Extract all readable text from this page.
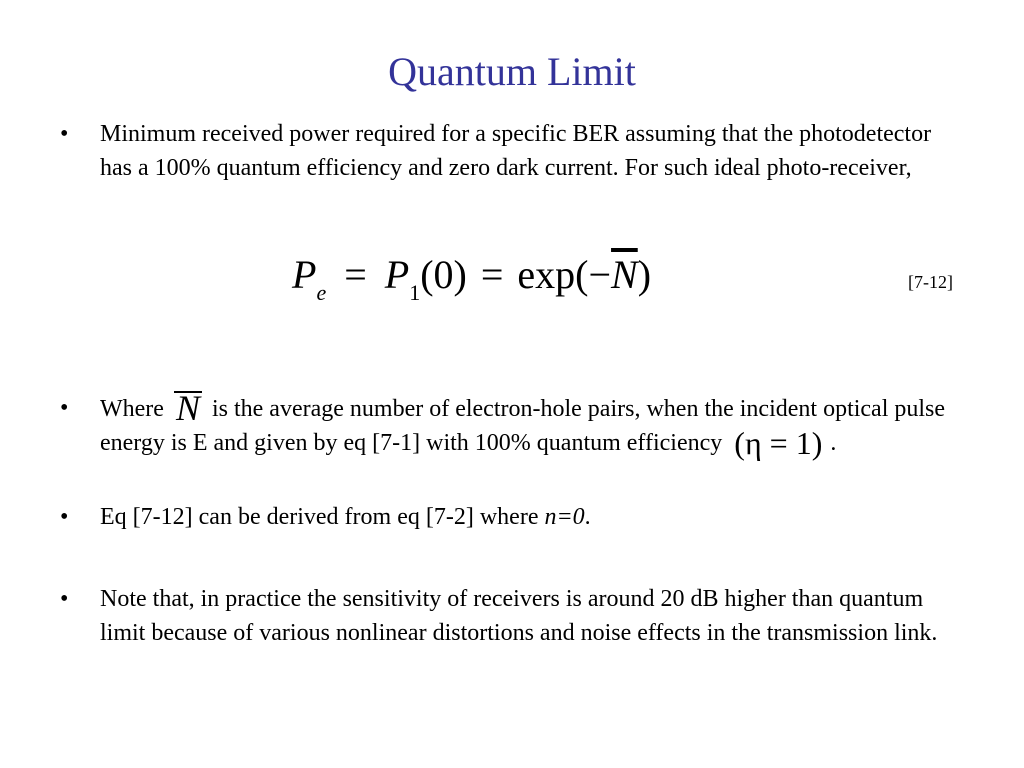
Quantum Limit
• Minimum received power required for a specific BER assuming that the photodetector has a 100% quantum efficiency and zero dark current. For such ideal photo-receiver,
$P_e = P_1(0) = \exp(-\overline{N})$	[7-12]
• Where N is the average number of electron-hole pairs, when the incident optical pulse energy is E and given by eq [7-1] with 100% quantum efficiency (η = 1) .
• Eq [7-12] can be derived from eq [7-2] where n=0.
• Note that, in practice the sensitivity of receivers is around 20 dB higher than quantum limit because of various nonlinear distortions and noise effects in the transmission link.
